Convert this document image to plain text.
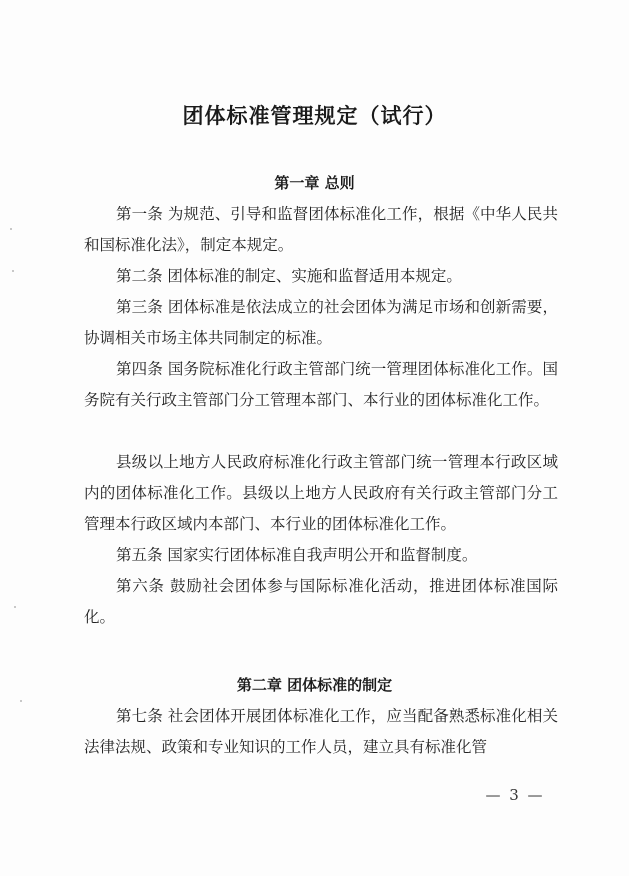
团体标准管理规定（试行）
第一章 总则

第一条 为规范、引导和监督团体标准化工作，根据《中华人民共和国标准化法》，制定本规定。

第二条 团体标准的制定、实施和监督适用本规定。

第三条 团体标准是依法成立的社会团体为满足市场和创新需要，协调相关市场主体共同制定的标准。

第四条 国务院标准化行政主管部门统一管理团体标准化工作。国务院有关行政主管部门分工管理本部门、本行业的团体标准化工作。

县级以上地方人民政府标准化行政主管部门统一管理本行政区域内的团体标准化工作。县级以上地方人民政府有关行政主管部门分工管理本行政区域内本部门、本行业的团体标准化工作。

第五条 国家实行团体标准自我声明公开和监督制度。

第六条 鼓励社会团体参与国际标准化活动，推进团体标准国际化。

第二章 团体标准的制定

第七条 社会团体开展团体标准化工作，应当配备熟悉标准化相关法律法规、政策和专业知识的工作人员，建立具有标准化管

— 3 —
